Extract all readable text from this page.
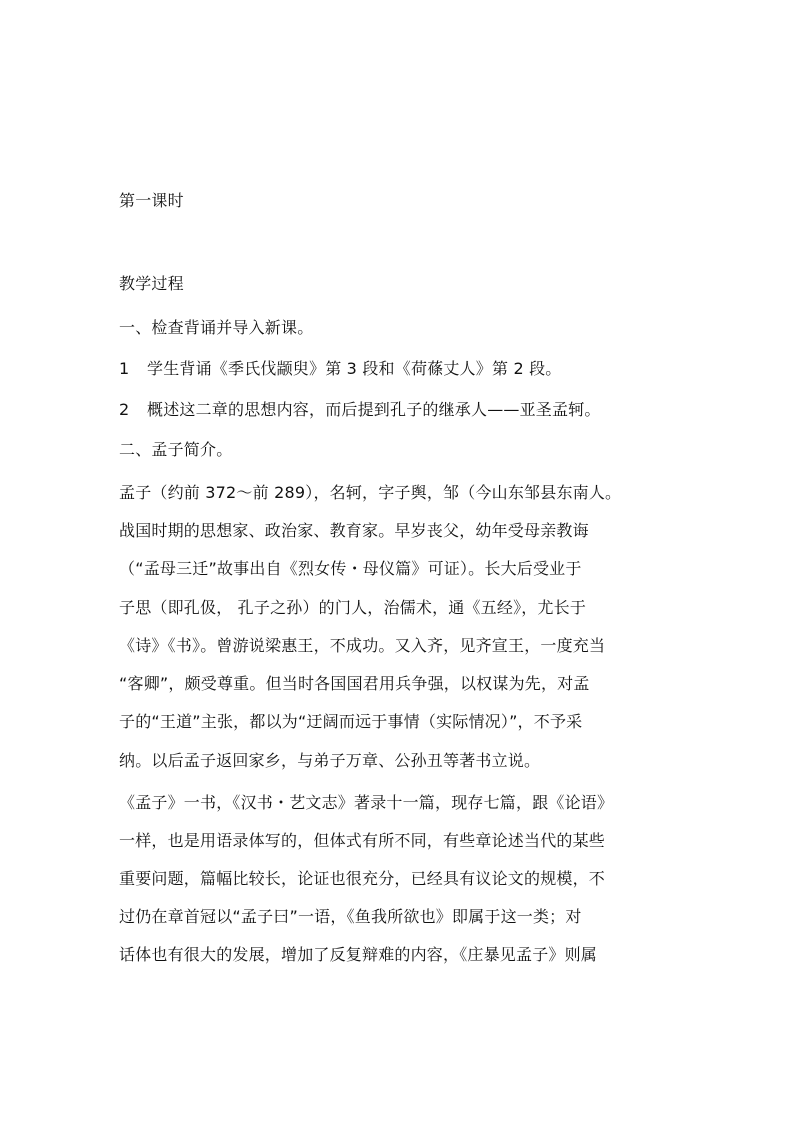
第一课时
教学过程
一、检查背诵并导入新课。
1 学生背诵《季氏伐颛臾》第 3 段和《荷蓧丈人》第 2 段。
2 概述这二章的思想内容，而后提到孔子的继承人——亚圣孟轲。
二、孟子简介。
孟子（约前 372～前 289），名轲，字子舆，邹（今山东邹县东南人。
战国时期的思想家、政治家、教育家。早岁丧父，幼年受母亲教诲
（“孟母三迁”故事出自《烈女传・母仪篇》可证）。长大后受业于
子思（即孔伋， 孔子之孙）的门人，治儒术，通《五经》，尤长于
《诗》《书》。曾游说梁惠王，不成功。又入齐，见齐宣王，一度充当
“客卿”，颇受尊重。但当时各国国君用兵争强，以权谋为先，对孟
子的“王道”主张，都以为“迂阔而远于事情（实际情况）”，不予采
纳。以后孟子返回家乡，与弟子万章、公孙丑等著书立说。
《孟子》一书，《汉书・艺文志》著录十一篇，现存七篇，跟《论语》
一样，也是用语录体写的，但体式有所不同，有些章论述当代的某些
重要问题，篇幅比较长，论证也很充分，已经具有议论文的规模，不
过仍在章首冠以“孟子曰”一语，《鱼我所欲也》即属于这一类；对
话体也有很大的发展，增加了反复辩难的内容，《庄暴见孟子》则属
